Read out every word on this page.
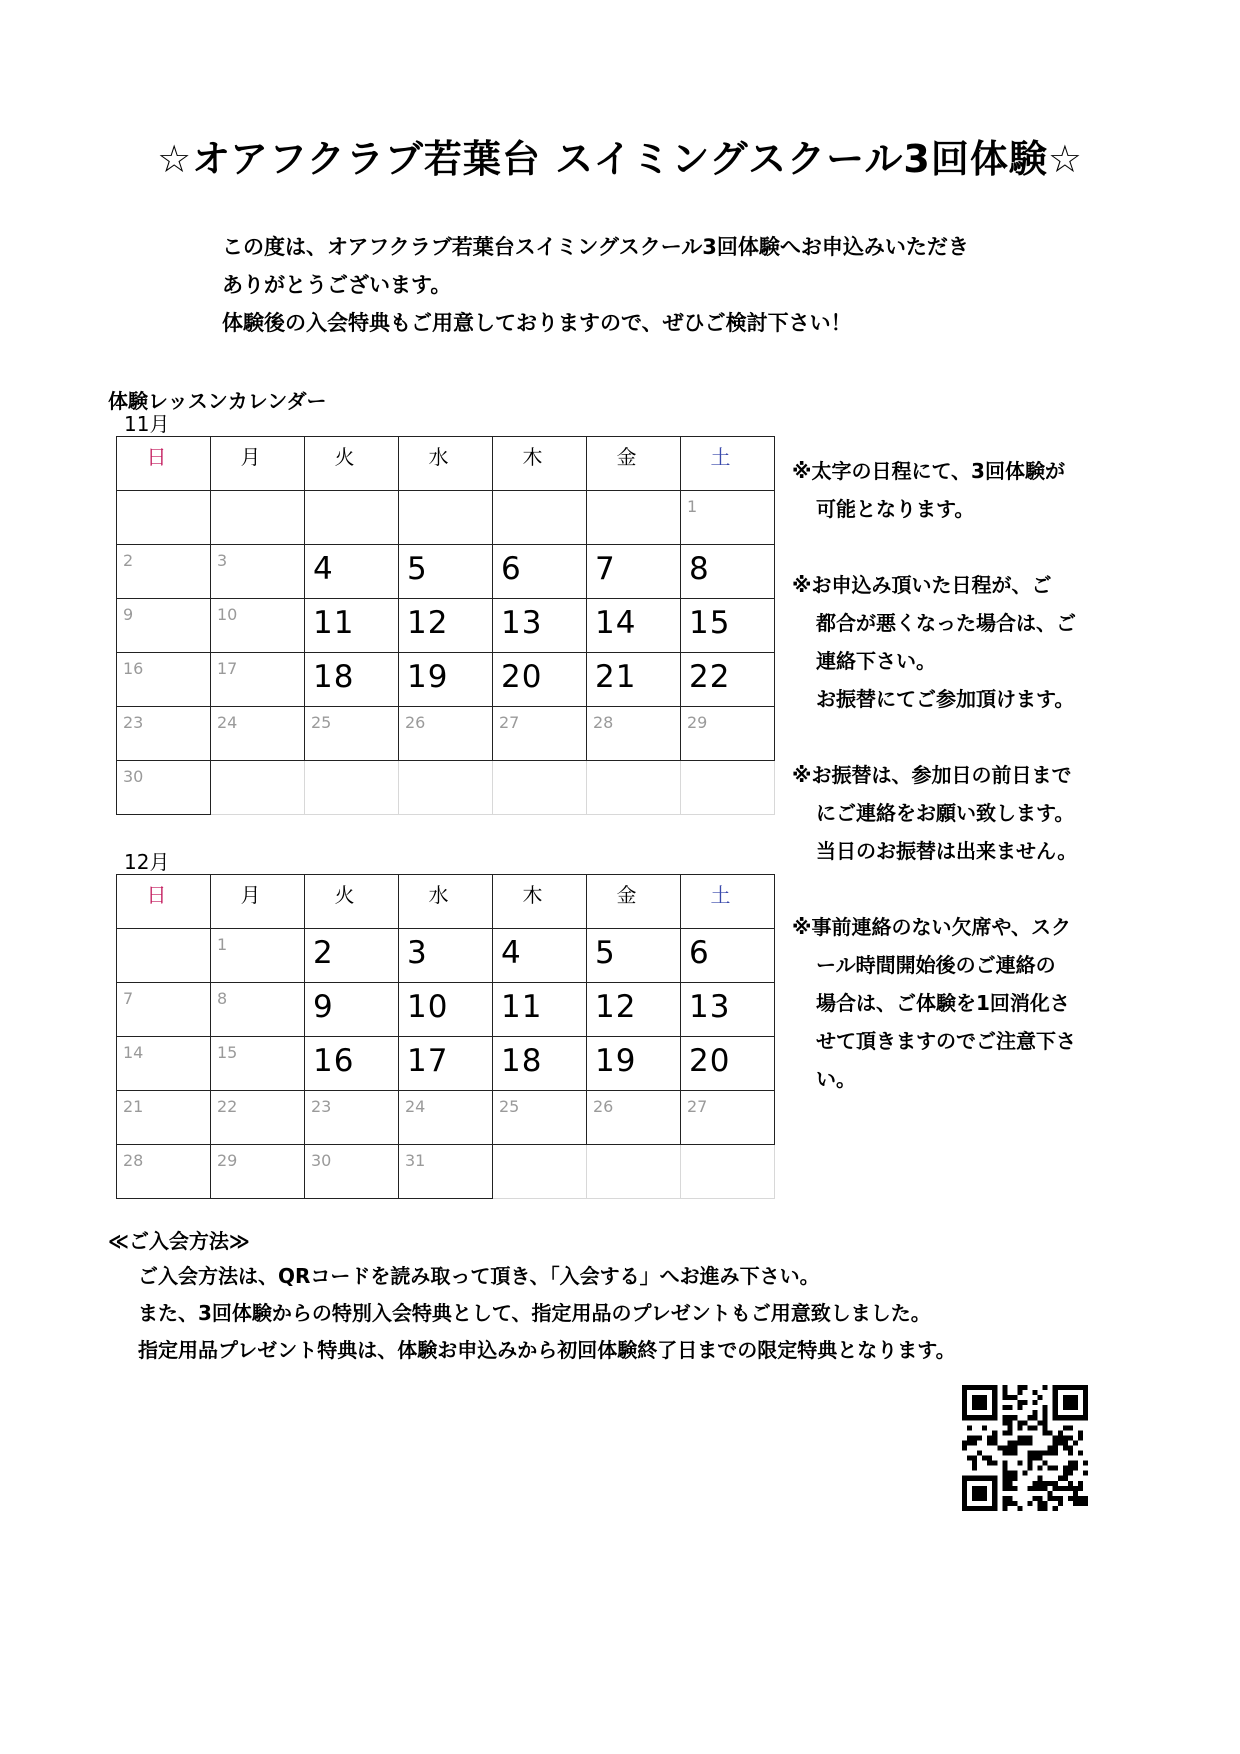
☆オアフクラブ若葉台 スイミングスクール3回体験☆
この度は、オアフクラブ若葉台スイミングスクール3回体験へお申込みいただき
ありがとうございます。
体験後の入会特典もご用意しておりますので、ぜひご検討下さい！
体験レッスンカレンダー
11月
日	月	火	水	木	金	土

						1

2	3	4	5	6	7	8

9	10	11	12	13	14	15

16	17	18	19	20	21	22

23	24	25	26	27	28	29

30						

12月
日	月	火	水	木	金	土

	1	2	3	4	5	6

7	8	9	10	11	12	13

14	15	16	17	18	19	20

21	22	23	24	25	26	27

28	29	30	31			

※太字の日程にて、3回体験が
可能となります。
※お申込み頂いた日程が、ご
都合が悪くなった場合は、ご
連絡下さい。
お振替にてご参加頂けます。
※お振替は、参加日の前日まで
にご連絡をお願い致します。
当日のお振替は出来ません。
※事前連絡のない欠席や、スク
ール時間開始後のご連絡の
場合は、ご体験を1回消化さ
せて頂きますのでご注意下さ
い。
≪ご入会方法≫
ご入会方法は、QRコードを読み取って頂き、「入会する」へお進み下さい。
また、3回体験からの特別入会特典として、指定用品のプレゼントもご用意致しました。
指定用品プレゼント特典は、体験お申込みから初回体験終了日までの限定特典となります。
